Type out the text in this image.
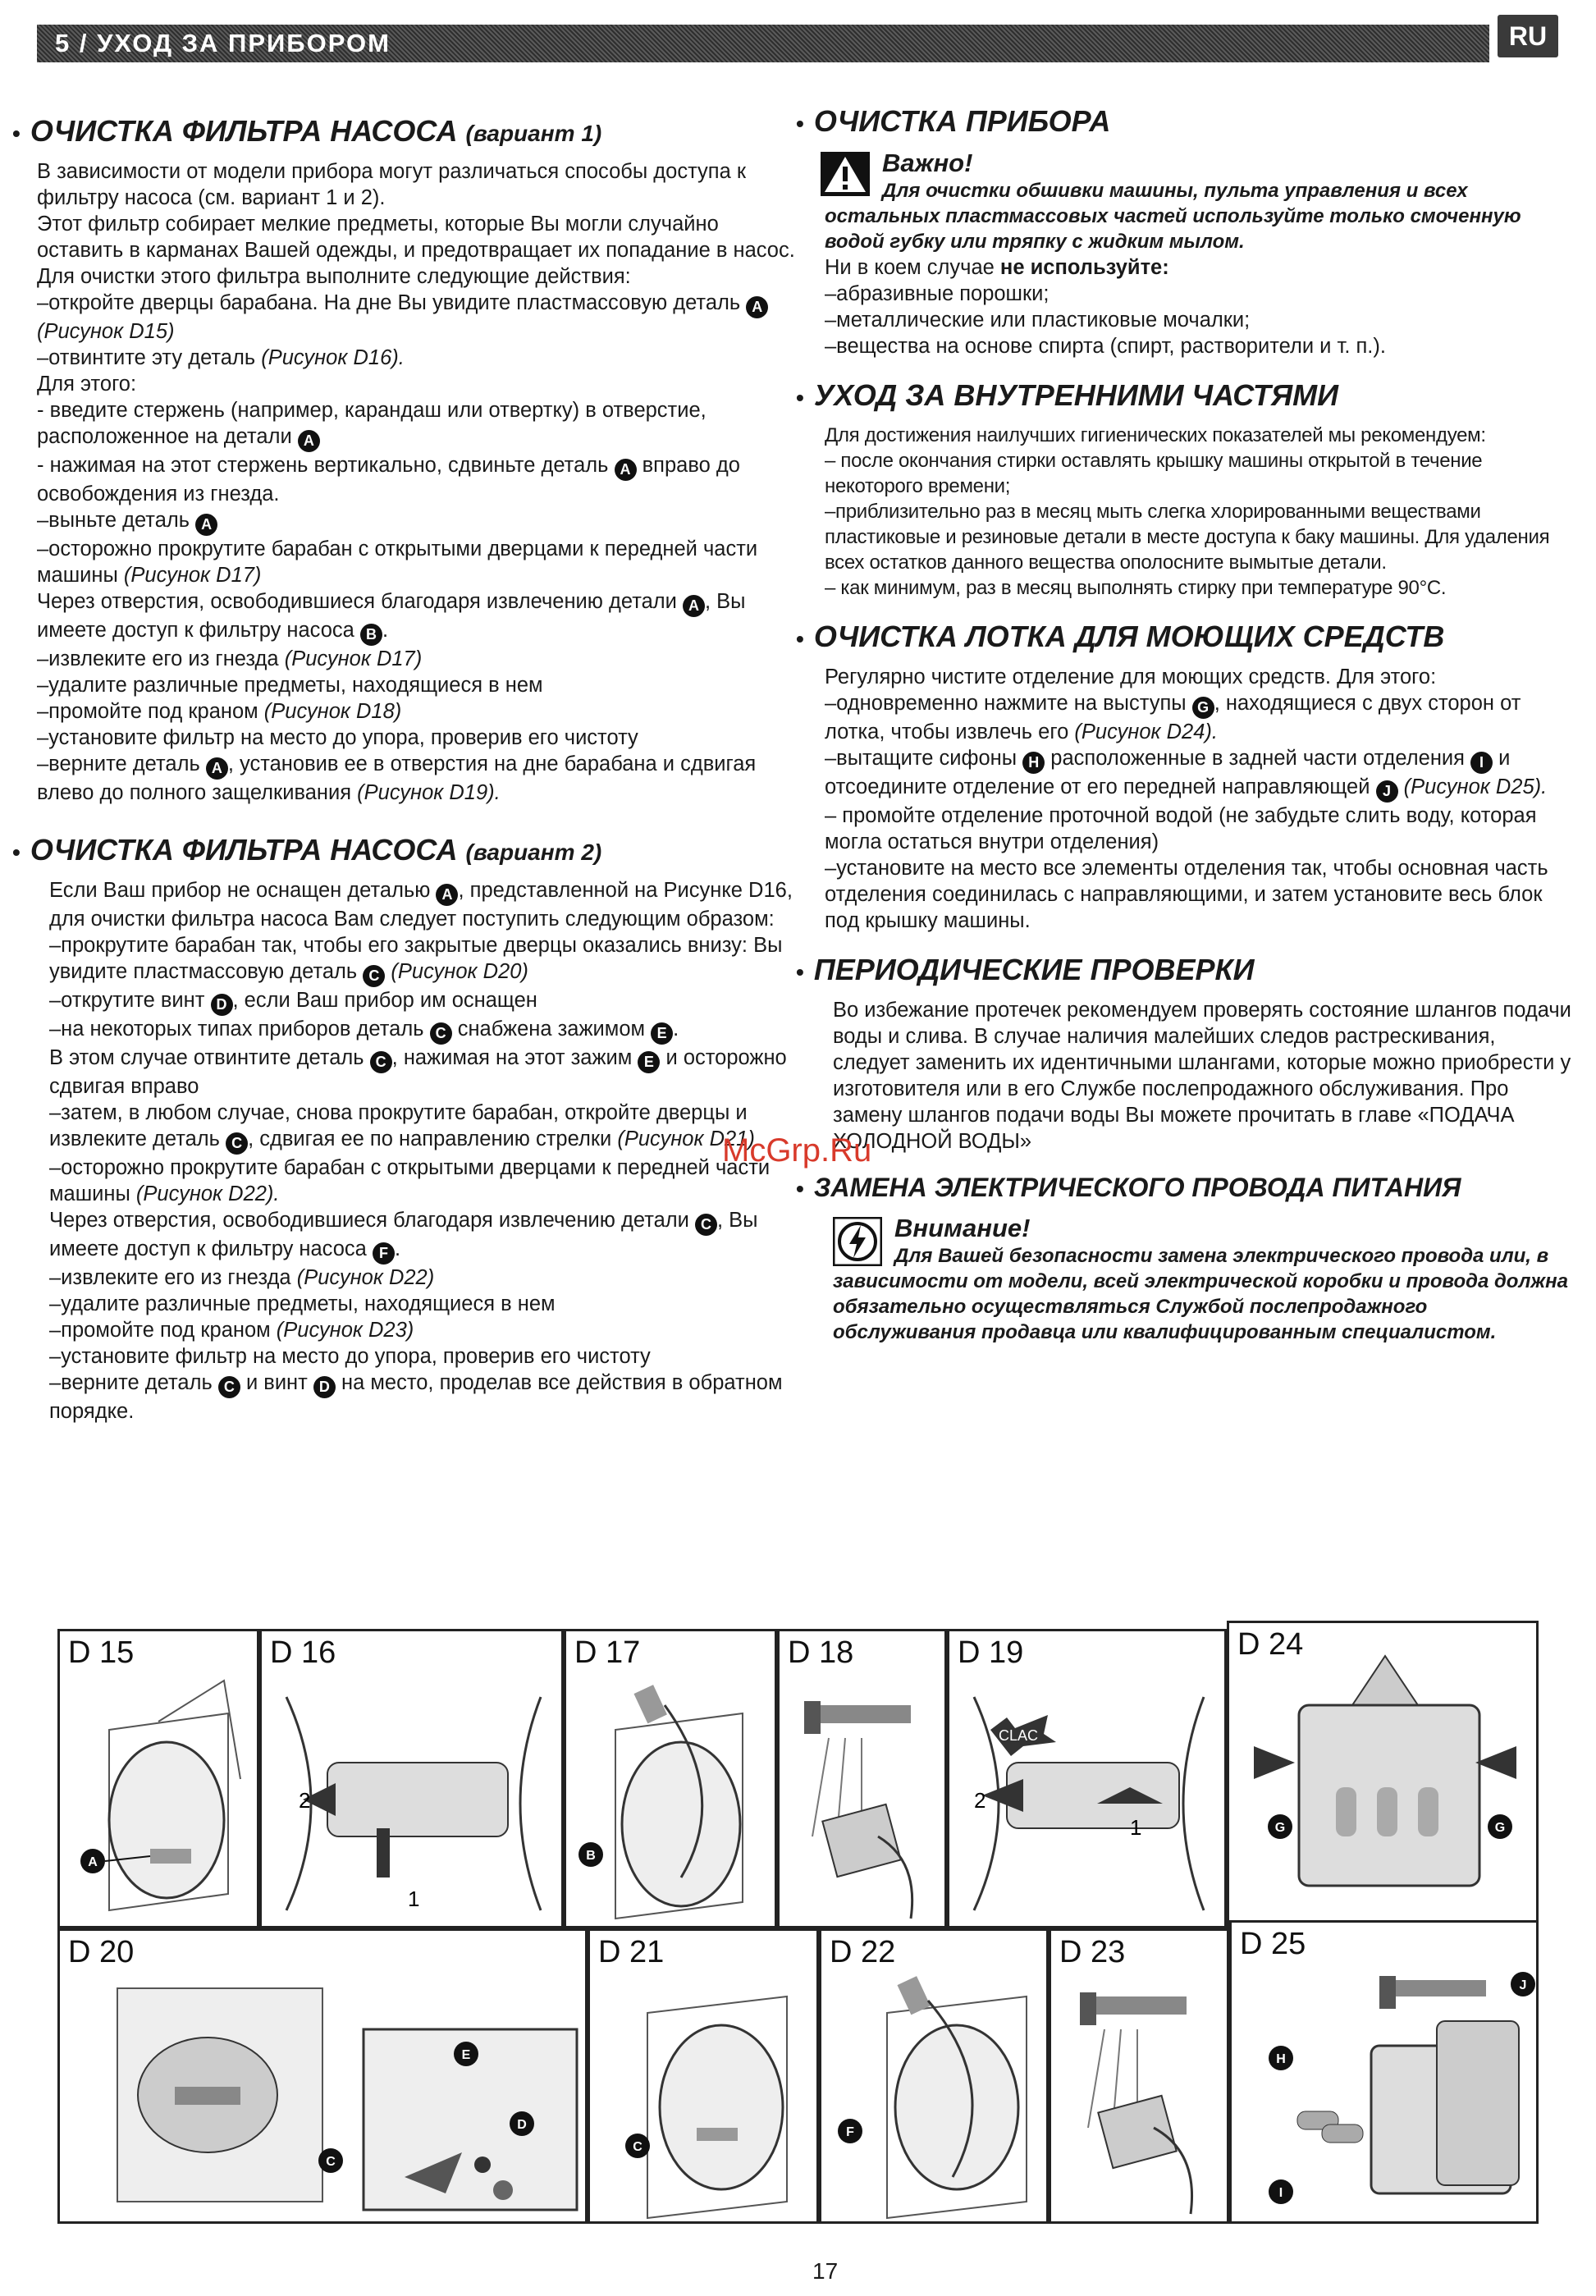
5 / УХОД ЗА ПРИБОРОМ	RU
• ОЧИСТКА ФИЛЬТРА НАСОСА (вариант 1)

В зависимости от модели прибора могут различаться способы доступа к фильтру насоса (см. вариант 1 и 2).

Этот фильтр собирает мелкие предметы, которые Вы могли случайно оставить в карманах Вашей одежды, и предотвращает их попадание в насос.

Для очистки этого фильтра выполните следующие действия:

–откройте дверцы барабана. На дне Вы увидите пластмассовую деталь A (Рисунок D15)

–отвинтите эту деталь (Рисунок D16).

Для этого:

- введите стержень (например, карандаш или отвертку) в отверстие, расположенное на детали A

- нажимая на этот стержень вертикально, сдвиньте деталь A вправо до освобождения из гнезда.

–выньте деталь A

–осторожно прокрутите барабан с открытыми дверцами к передней части машины (Рисунок D17)

Через отверстия, освободившиеся благодаря извлечению детали A , Вы имеете доступ к фильтру насоса B .

–извлеките его из гнезда (Рисунок D17)

–удалите различные предметы, находящиеся в нем

–промойте под краном (Рисунок D18)

–установите фильтр на место до упора, проверив его чистоту

–верните деталь A , установив ее в отверстия на дне барабана и сдвигая влево до полного защелкивания (Рисунок D19).

• ОЧИСТКА ФИЛЬТРА НАСОСА (вариант 2)

Если Ваш прибор не оснащен деталью A , представленной на Рисунке D16, для очистки фильтра насоса Вам следует поступить следующим образом:

–прокрутите барабан так, чтобы его закрытые дверцы оказались внизу: Вы увидите пластмассовую деталь C (Рисунок D20)

–открутите винт D , если Ваш прибор им оснащен

–на некоторых типах приборов деталь C снабжена зажимом E .

В этом случае отвинтите деталь C , нажимая на этот зажим E и осторожно сдвигая вправо

–затем, в любом случае, снова прокрутите барабан, откройте дверцы и извлеките деталь C , сдвигая ее по направлению стрелки (Рисунок D21)

–осторожно прокрутите барабан с открытыми дверцами к передней части машины (Рисунок D22).

Через отверстия, освободившиеся благодаря извлечению детали C , Вы имеете доступ к фильтру насоса F .

–извлеките его из гнезда (Рисунок D22)

–удалите различные предметы, находящиеся в нем

–промойте под краном (Рисунок D23)

–установите фильтр на место до упора, проверив его чистоту

–верните деталь C и винт D на место, проделав все действия в обратном порядке.

• ОЧИСТКА ПРИБОРА
Важно!
Для очистки обшивки машины, пульта управления и всех остальных пластмассовых частей используйте только смоченную водой губку или тряпку с жидким мылом.

Ни в коем случае не используйте:

–абразивные порошки;

–металлические или пластиковые мочалки;

–вещества на основе спирта (спирт, растворители и т. п.).

• УХОД ЗА ВНУТРЕННИМИ ЧАСТЯМИ

Для достижения наилучших гигиенических показателей мы рекомендуем:

– после окончания стирки оставлять крышку машины открытой в течение некоторого времени;

–приблизительно раз в месяц мыть слегка хлорированными веществами пластиковые и резиновые детали в месте доступа к баку машины. Для удаления всех остатков данного вещества ополосните вымытые детали.

– как минимум, раз в месяц выполнять стирку при температуре 90°С.

• ОЧИСТКА ЛОТКА ДЛЯ МОЮЩИХ СРЕДСТВ

Регулярно чистите отделение для моющих средств. Для этого:

–одновременно нажмите на выступы G , находящиеся с двух сторон от лотка, чтобы извлечь его (Рисунок D24).

–вытащите сифоны H расположенные в задней части отделения I и отсоедините отделение от его передней направляющей J (Рисунок D25).

– промойте отделение проточной водой (не забудьте слить воду, которая могла остаться внутри отделения)

–установите на место все элементы отделения так, чтобы основная часть отделения соединилась с направляющими, и затем установите весь блок под крышку машины.

• ПЕРИОДИЧЕСКИЕ ПРОВЕРКИ

Во избежание протечек рекомендуем проверять состояние шлангов подачи воды и слива. В случае наличия малейших следов растрескивания, следует заменить их идентичными шлангами, которые можно приобрести у изготовителя или в его Службе послепродажного обслуживания. Про замену шлангов подачи воды Вы можете прочитать в главе «ПОДАЧА ХОЛОДНОЙ ВОДЫ»

• ЗАМЕНА ЭЛЕКТРИЧЕСКОГО ПРОВОДА ПИТАНИЯ
Внимание!
Для Вашей безопасности замена электрического провода или, в зависимости от модели, всей электрической коробки и провода должна обязательно осуществляться Службой послепродажного обслуживания продавца или квалифицированным специалистом.
McGrp.Ru
D 15
A
D 16
2
1
D 17
B
D 18	D 19
CLAC
2
1
D 24
G	G
D 20
E
D
C
D 21
C
D 22
F
D 23	D 25
H
J
I
17
